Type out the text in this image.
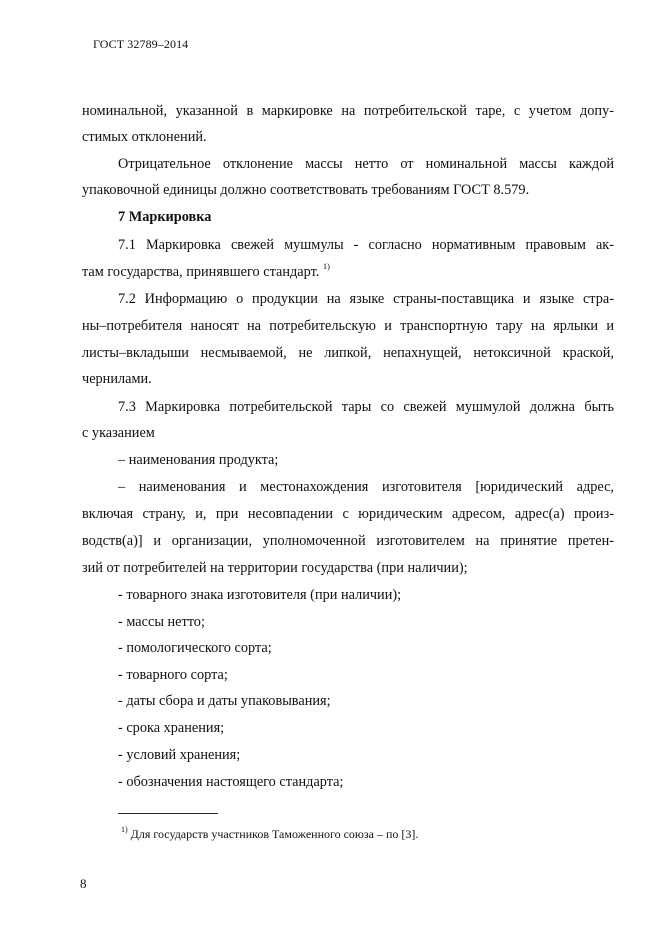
ГОСТ 32789–2014
номинальной, указанной в маркировке на потребительской таре, с учетом допу-
стимых отклонений.
Отрицательное отклонение массы нетто от номинальной массы каждой
упаковочной единицы должно соответствовать требованиям ГОСТ 8.579.
7 Маркировка
7.1 Маркировка свежей мушмулы - согласно нормативным правовым ак-
там государства, принявшего стандарт. $^{1)}$
7.2 Информацию о продукции на языке страны-поставщика и языке стра-
ны–потребителя наносят на потребительскую и транспортную тару на ярлыки и
листы–вкладыши несмываемой, не липкой, непахнущей, нетоксичной краской,
чернилами.
7.3 Маркировка потребительской тары со свежей мушмулой должна быть
с указанием
– наименования продукта;
– наименования и местонахождения изготовителя [юридический адрес,
включая страну, и, при несовпадении с юридическим адресом, адрес(а) произ-
водств(а)] и организации, уполномоченной изготовителем на принятие претен-
зий от потребителей на территории государства (при наличии);
- товарного знака изготовителя (при наличии);
- массы нетто;
- помологического сорта;
- товарного сорта;
- даты сбора и даты упаковывания;
- срока хранения;
- условий хранения;
- обозначения настоящего стандарта;
$^{1)}$ Для государств участников Таможенного союза – по [3].
8
